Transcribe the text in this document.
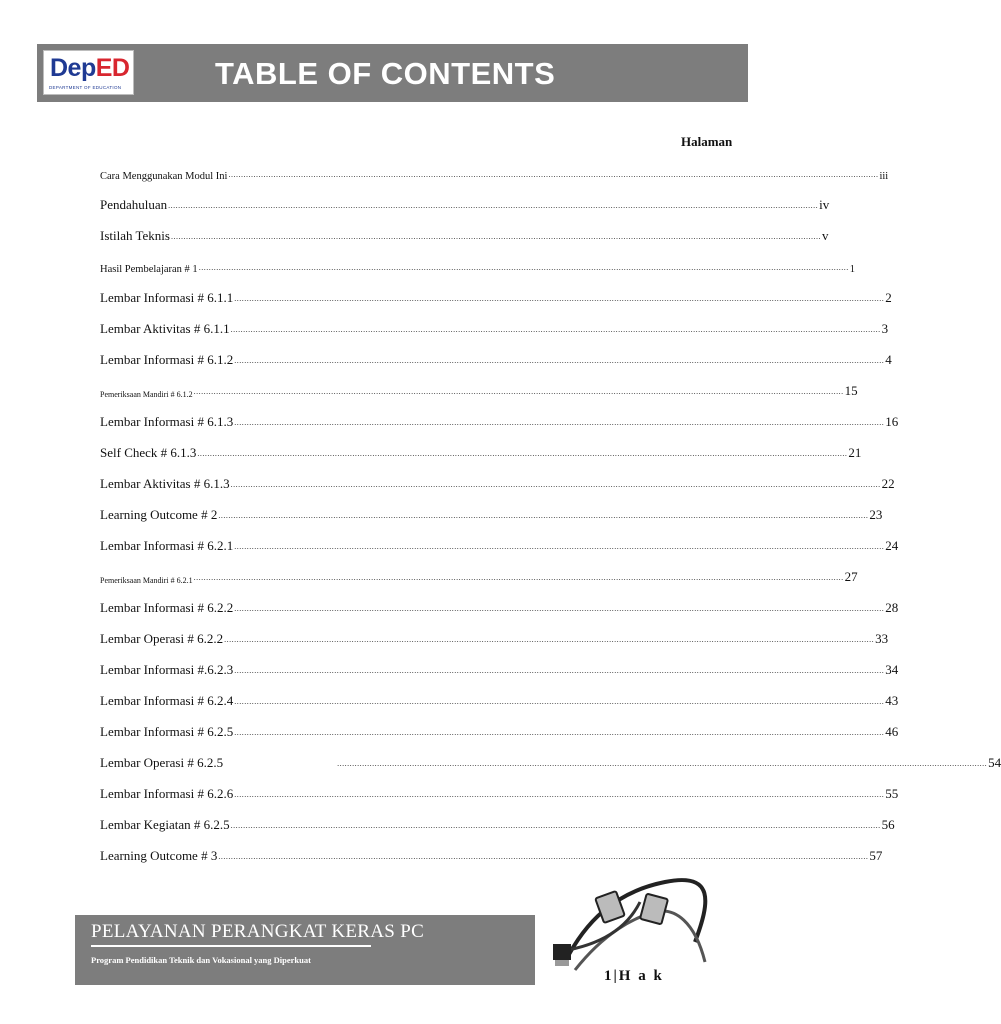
DepED
DEPARTMENT OF EDUCATION	TABLE OF CONTENTS
Halaman
Cara Menggunakan Modul Ini .................................................................................................................................................................................................................................................................... iii
Pendahuluan .................................................................................................................................................................................................................................................................... iv
Istilah Teknis .................................................................................................................................................................................................................................................................... v
Hasil Pembelajaran # 1 .................................................................................................................................................................................................................................................................... 1
Lembar Informasi # 6.1.1 .................................................................................................................................................................................................................................................................... 2
Lembar Aktivitas # 6.1.1 .................................................................................................................................................................................................................................................................... 3
Lembar Informasi # 6.1.2 .................................................................................................................................................................................................................................................................... 4
Pemeriksaan Mandiri # 6.1.2 .................................................................................................................................................................................................................................................................... 15
Lembar Informasi # 6.1.3 .................................................................................................................................................................................................................................................................... 16
Self Check # 6.1.3 .................................................................................................................................................................................................................................................................... 21
Lembar Aktivitas # 6.1.3 .................................................................................................................................................................................................................................................................... 22
Learning Outcome # 2 .................................................................................................................................................................................................................................................................... 23
Lembar Informasi # 6.2.1 .................................................................................................................................................................................................................................................................... 24
Pemeriksaan Mandiri # 6.2.1 .................................................................................................................................................................................................................................................................... 27
Lembar Informasi # 6.2.2 .................................................................................................................................................................................................................................................................... 28
Lembar Operasi # 6.2.2 .................................................................................................................................................................................................................................................................... 33
Lembar Informasi #.6.2.3 .................................................................................................................................................................................................................................................................... 34
Lembar Informasi # 6.2.4 .................................................................................................................................................................................................................................................................... 43
Lembar Informasi # 6.2.5 .................................................................................................................................................................................................................................................................... 46
Lembar Operasi # 6.2.5	.................................................................................................................................................................................................................................................................... 54
Lembar Informasi # 6.2.6 .................................................................................................................................................................................................................................................................... 55
Lembar Kegiatan # 6.2.5 .................................................................................................................................................................................................................................................................... 56
Learning Outcome # 3 .................................................................................................................................................................................................................................................................... 57
PELAYANAN PERANGKAT KERAS PC
Program Pendidikan Teknik dan Vokasional yang Diperkuat
1|H a k
